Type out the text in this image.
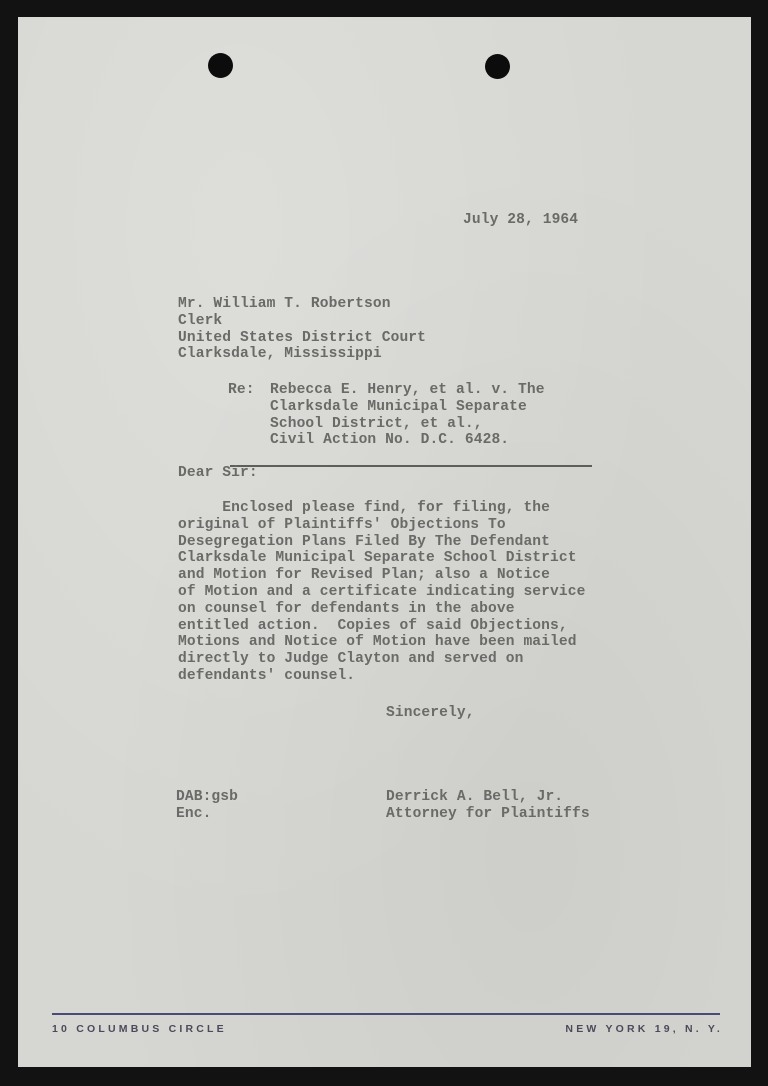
July 28, 1964
Mr. William T. Robertson
Clerk
United States District Court
Clarksdale, Mississippi

Re:

Rebecca E. Henry, et al. v. The
Clarksdale Municipal Separate
School District, et al.,
Civil Action No. D.C. 6428.

Dear Sir:
Enclosed please find, for filing, the
original of Plaintiffs' Objections To
Desegregation Plans Filed By The Defendant
Clarksdale Municipal Separate School District
and Motion for Revised Plan; also a Notice
of Motion and a certificate indicating service
on counsel for defendants in the above
entitled action.  Copies of said Objections,
Motions and Notice of Motion have been mailed
directly to Judge Clayton and served on
defendants' counsel.
Sincerely,
DAB:gsb
Enc.
Derrick A. Bell, Jr.
Attorney for Plaintiffs
10 COLUMBUS CIRCLE	NEW YORK 19, N. Y.
